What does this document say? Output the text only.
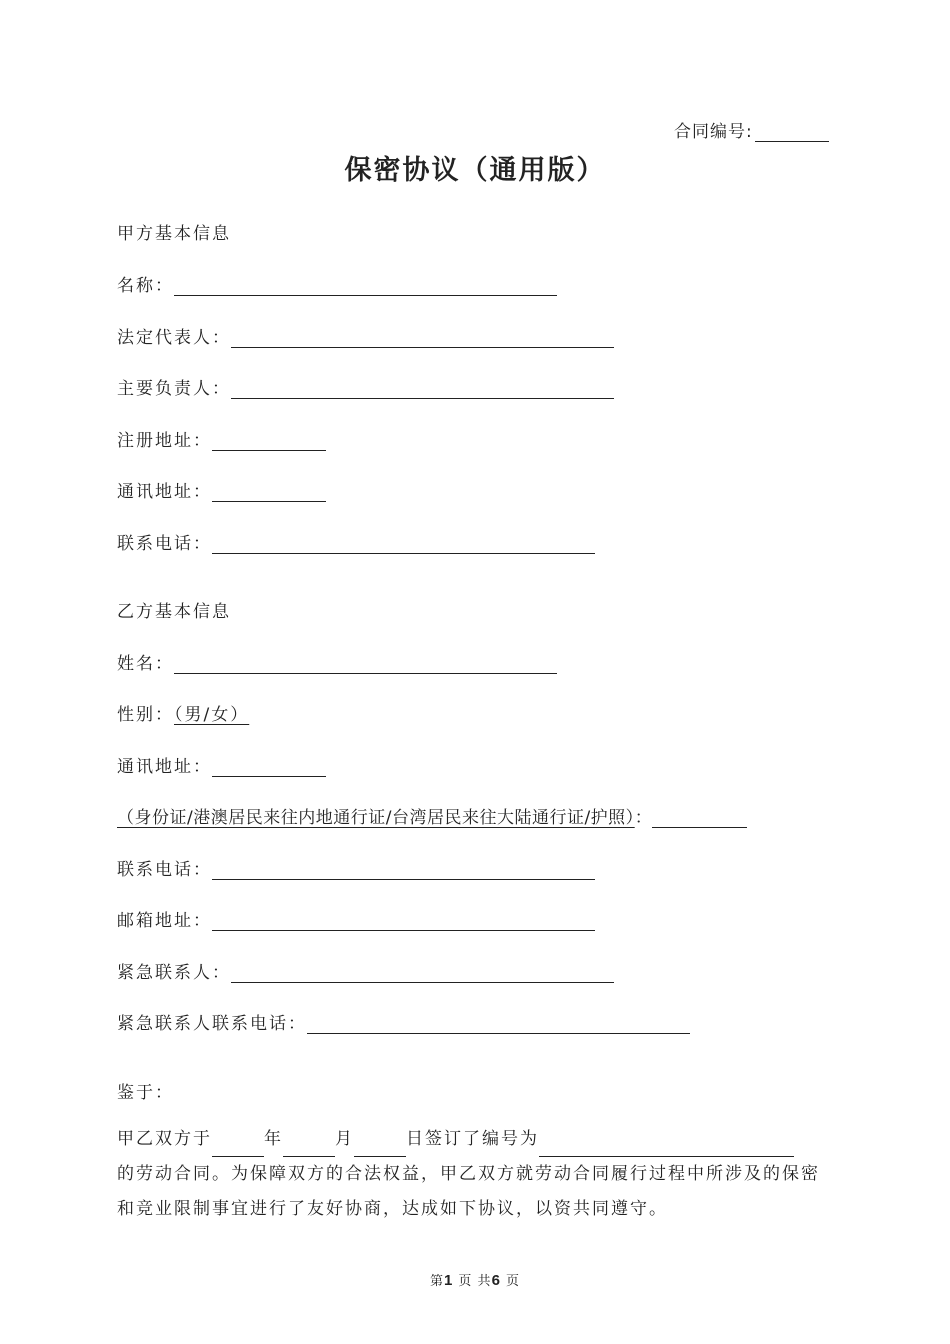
合同编号:
保密协议（通用版）
甲方基本信息
名称：
法定代表人：
主要负责人：
注册地址：
通讯地址：
联系电话：
乙方基本信息
姓名：
性别：（男/女）
通讯地址：
（身份证/港澳居民来往内地通行证/台湾居民来往大陆通行证/护照）：
联系电话：
邮箱地址：
紧急联系人：
紧急联系人联系电话：
鉴于：
甲乙双方于	年	月	日签订了编号为
的劳动合同。为保障双方的合法权益，甲乙双方就劳动合同履行过程中所涉及的保密
和竞业限制事宜进行了友好协商，达成如下协议，以资共同遵守。
第1 页 共6 页
